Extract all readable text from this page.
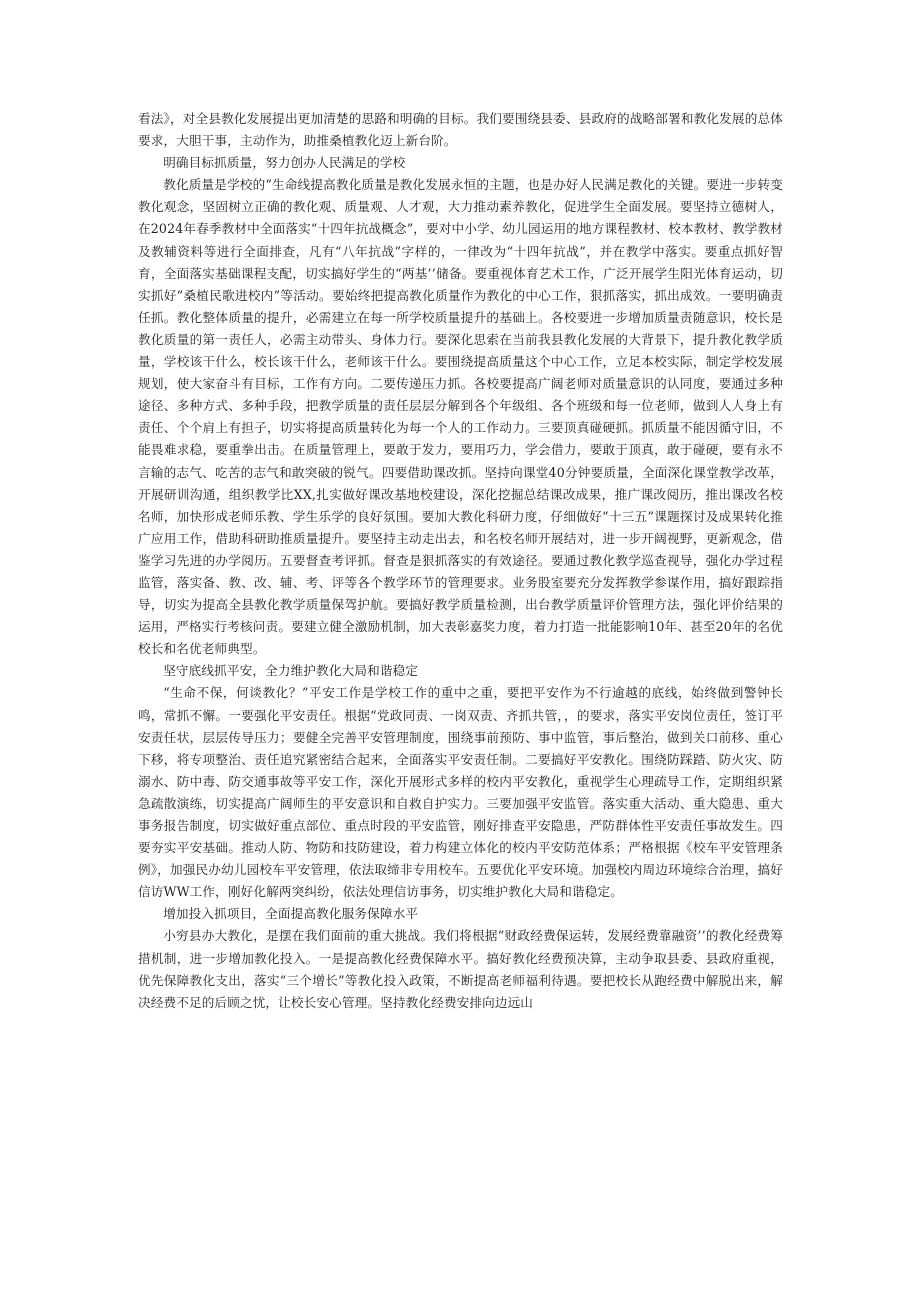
看法》，对全县教化发展提出更加清楚的思路和明确的目标。我们要围绕县委、县政府的战略部署和教化发展的总体要求，大胆干事，主动作为，助推桑植教化迈上新台阶。

明确目标抓质量，努力创办人民满足的学校

教化质量是学校的“生命线提高教化质量是教化发展永恒的主题，也是办好人民满足教化的关键。要进一步转变教化观念，坚固树立正确的教化观、质量观、人才观，大力推动素养教化，促进学生全面发展。要坚持立德树人，在2024年春季教材中全面落实“十四年抗战概念”，要对中小学、幼儿园运用的地方课程教材、校本教材、教学教材及教辅资料等进行全面排查，凡有“八年抗战”字样的，一律改为“十四年抗战”，并在教学中落实。要重点抓好智育，全面落实基础课程支配，切实搞好学生的“两基’’储备。要重视体育艺术工作，广泛开展学生阳光体育运动，切实抓好“桑植民歌进校内”等活动。要始终把提高教化质量作为教化的中心工作，狠抓落实，抓出成效。一要明确责任抓。教化整体质量的提升，必需建立在每一所学校质量提升的基础上。各校要进一步增加质量责随意识，校长是教化质量的第一责任人，必需主动带头、身体力行。要深化思索在当前我县教化发展的大背景下，提升教化教学质量，学校该干什么，校长该干什么，老师该干什么。要围绕提高质量这个中心工作，立足本校实际，制定学校发展规划，使大家奋斗有目标，工作有方向。二要传递压力抓。各校要提高广阔老师对质量意识的认同度，要通过多种途径、多种方式、多种手段，把教学质量的责任层层分解到各个年级组、各个班级和每一位老师，做到人人身上有责任、个个肩上有担子，切实将提高质量转化为每一个人的工作动力。三要顶真碰硬抓。抓质量不能因循守旧，不能畏难求稳，要重拳出击。在质量管理上，要敢于发力，要用巧力，学会借力，要敢于顶真，敢于碰硬，要有永不言输的志气、吃苦的志气和敢突破的锐气。四要借助课改抓。坚持向课堂40分钟要质量，全面深化课堂教学改革，开展研训沟通，组织教学比XX,扎实做好课改基地校建设，深化挖掘总结课改成果，推广课改阅历，推出课改名校名师，加快形成老师乐教、学生乐学的良好氛围。要加大教化科研力度，仔细做好“十三五”课题探讨及成果转化推广应用工作，借助科研助推质量提升。要坚持主动走出去，和名校名师开展结对，进一步开阔视野，更新观念，借鉴学习先进的办学阅历。五要督查考评抓。督查是狠抓落实的有效途径。要通过教化教学巡查视导，强化办学过程监管，落实备、教、改、辅、考、评等各个教学环节的管理要求。业务股室要充分发挥教学参谋作用，搞好跟踪指导，切实为提高全县教化教学质量保驾护航。要搞好教学质量检测，出台教学质量评价管理方法，强化评价结果的运用，严格实行考核问责。要建立健全激励机制，加大表彰嘉奖力度，着力打造一批能影响10年、甚至20年的名优校长和名优老师典型。

坚守底线抓平安，全力维护教化大局和谐稳定

“生命不保，何谈教化？”平安工作是学校工作的重中之重，要把平安作为不行逾越的底线，始终做到警钟长鸣，常抓不懈。一要强化平安责任。根据“党政同责、一岗双责、齐抓共管，，的要求，落实平安岗位责任，签订平安责任状，层层传导压力；要健全完善平安管理制度，围绕事前预防、事中监管，事后整治，做到关口前移、重心下移，将专项整治、责任追究紧密结合起来，全面落实平安责任制。二要搞好平安教化。围绕防踩踏、防火灾、防溺水、防中毒、防交通事故等平安工作，深化开展形式多样的校内平安教化，重视学生心理疏导工作，定期组织紧急疏散演练，切实提高广阔师生的平安意识和自救自护实力。三要加强平安监管。落实重大活动、重大隐患、重大事务报告制度，切实做好重点部位、重点时段的平安监管，刚好排查平安隐患，严防群体性平安责任事故发生。四要夯实平安基础。推动人防、物防和技防建设，着力构建立体化的校内平安防范体系；严格根据《校车平安管理条例》，加强民办幼儿园校车平安管理，依法取缔非专用校车。五要优化平安环境。加强校内周边环境综合治理，搞好信访WW工作，刚好化解两突纠纷，依法处理信访事务，切实维护教化大局和谐稳定。

增加投入抓项目，全面提高教化服务保障水平

小穷县办大教化，是摆在我们面前的重大挑战。我们将根据“财政经费保运转，发展经费靠融资’’的教化经费筹措机制，进一步增加教化投入。一是提高教化经费保障水平。搞好教化经费预决算，主动争取县委、县政府重视，优先保障教化支出，落实“三个增长”等教化投入政策，不断提高老师福利待遇。要把校长从跑经费中解脱出来，解决经费不足的后顾之忧，让校长安心管理。坚持教化经费安排向边远山
